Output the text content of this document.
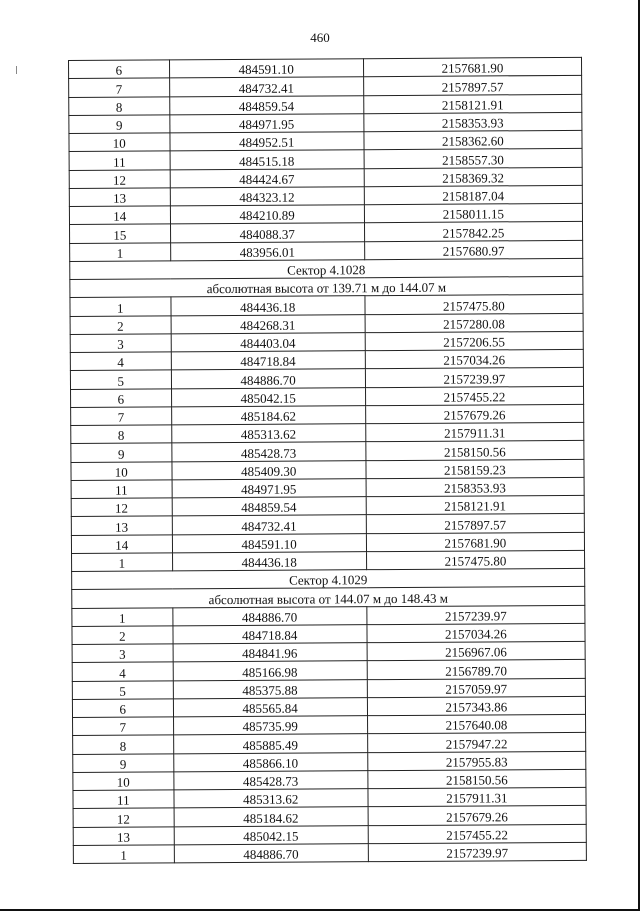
460
6	484591.10	2157681.90
7	484732.41	2157897.57
8	484859.54	2158121.91
9	484971.95	2158353.93
10	484952.51	2158362.60
11	484515.18	2158557.30
12	484424.67	2158369.32
13	484323.12	2158187.04
14	484210.89	2158011.15
15	484088.37	2157842.25
1	483956.01	2157680.97
Сектор 4.1028		
абсолютная высота от 139.71 м до 144.07 м		
1	484436.18	2157475.80
2	484268.31	2157280.08
3	484403.04	2157206.55
4	484718.84	2157034.26
5	484886.70	2157239.97
6	485042.15	2157455.22
7	485184.62	2157679.26
8	485313.62	2157911.31
9	485428.73	2158150.56
10	485409.30	2158159.23
11	484971.95	2158353.93
12	484859.54	2158121.91
13	484732.41	2157897.57
14	484591.10	2157681.90
1	484436.18	2157475.80
Сектор 4.1029		
абсолютная высота от 144.07 м до 148.43 м		
1	484886.70	2157239.97
2	484718.84	2157034.26
3	484841.96	2156967.06
4	485166.98	2156789.70
5	485375.88	2157059.97
6	485565.84	2157343.86
7	485735.99	2157640.08
8	485885.49	2157947.22
9	485866.10	2157955.83
10	485428.73	2158150.56
11	485313.62	2157911.31
12	485184.62	2157679.26
13	485042.15	2157455.22
1	484886.70	2157239.97
